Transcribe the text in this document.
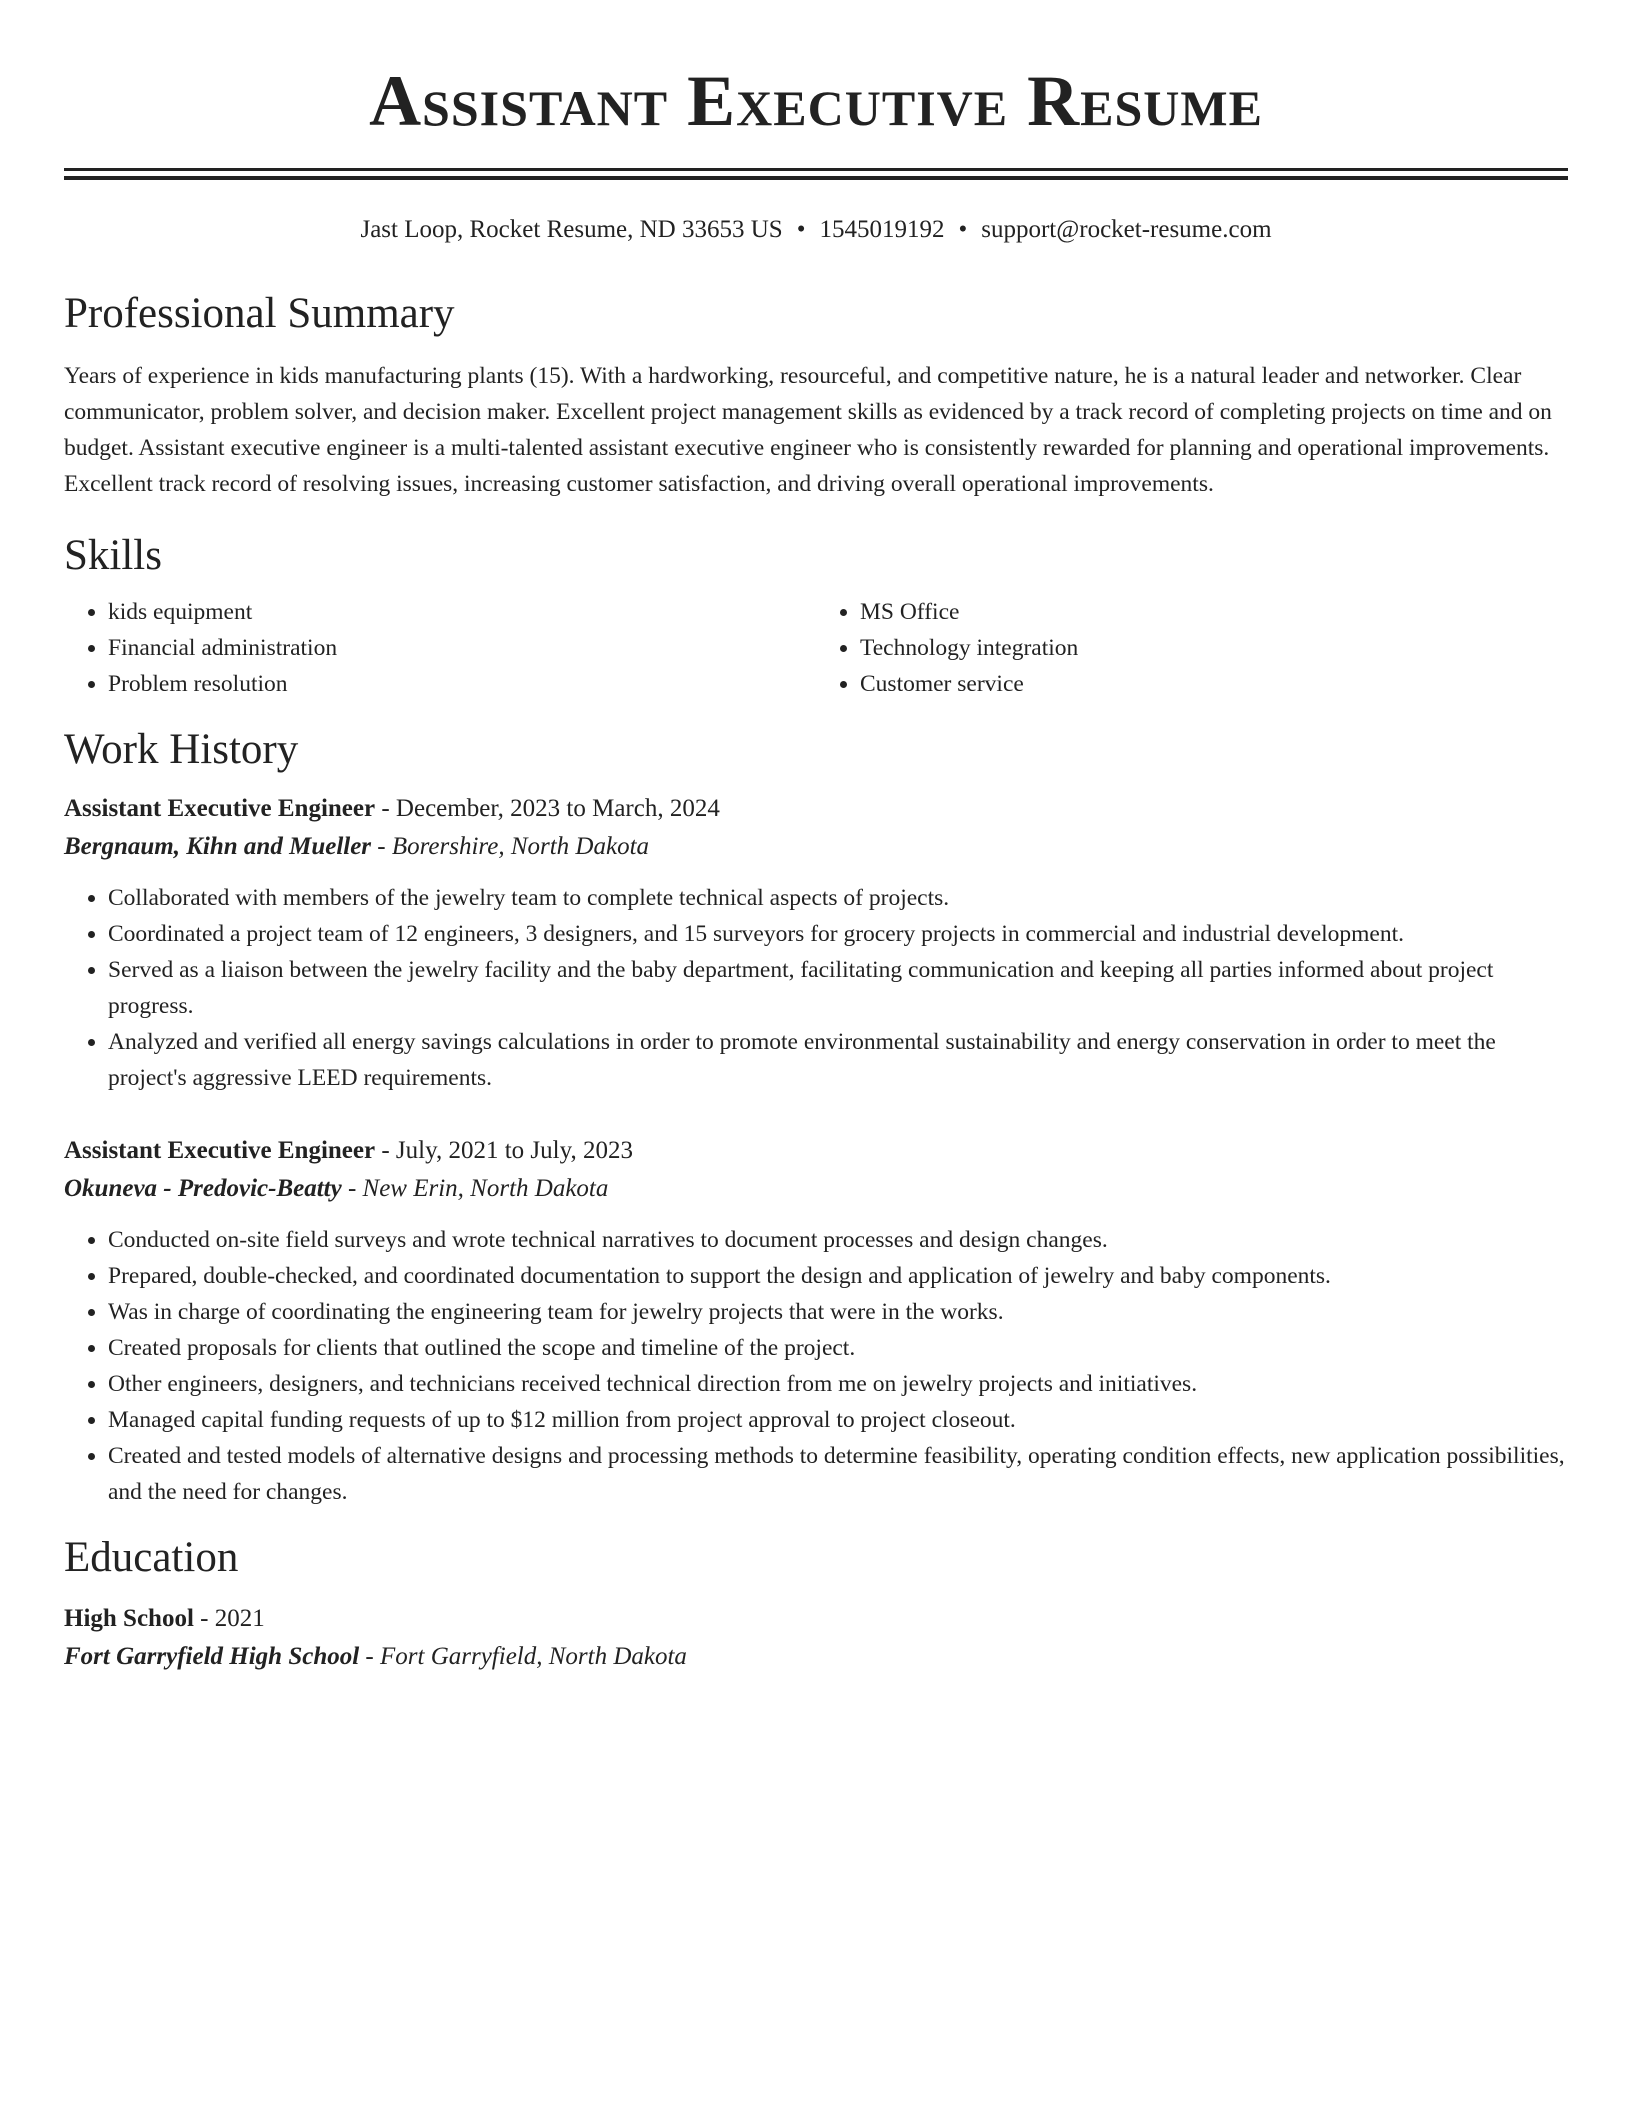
Assistant Executive Resume
Jast Loop, Rocket Resume, ND 33653 US • 1545019192 • support@rocket-resume.com
Professional Summary
Years of experience in kids manufacturing plants (15). With a hardworking, resourceful, and competitive nature, he is a natural leader and networker. Clear communicator, problem solver, and decision maker. Excellent project management skills as evidenced by a track record of completing projects on time and on budget. Assistant executive engineer is a multi-talented assistant executive engineer who is consistently rewarded for planning and operational improvements. Excellent track record of resolving issues, increasing customer satisfaction, and driving overall operational improvements.
Skills
• kids equipment
• Financial administration
• Problem resolution
• MS Office
• Technology integration
• Customer service
Work History
Assistant Executive Engineer - December, 2023 to March, 2024
Bergnaum, Kihn and Mueller - Borershire, North Dakota
• Collaborated with members of the jewelry team to complete technical aspects of projects.
• Coordinated a project team of 12 engineers, 3 designers, and 15 surveyors for grocery projects in commercial and industrial development.
• Served as a liaison between the jewelry facility and the baby department, facilitating communication and keeping all parties informed about project progress.
• Analyzed and verified all energy savings calculations in order to promote environmental sustainability and energy conservation in order to meet the project's aggressive LEED requirements.
Assistant Executive Engineer - July, 2021 to July, 2023
Okuneva - Predovic-Beatty - New Erin, North Dakota
• Conducted on-site field surveys and wrote technical narratives to document processes and design changes.
• Prepared, double-checked, and coordinated documentation to support the design and application of jewelry and baby components.
• Was in charge of coordinating the engineering team for jewelry projects that were in the works.
• Created proposals for clients that outlined the scope and timeline of the project.
• Other engineers, designers, and technicians received technical direction from me on jewelry projects and initiatives.
• Managed capital funding requests of up to $12 million from project approval to project closeout.
• Created and tested models of alternative designs and processing methods to determine feasibility, operating condition effects, new application possibilities, and the need for changes.
Education
High School - 2021
Fort Garryfield High School - Fort Garryfield, North Dakota
